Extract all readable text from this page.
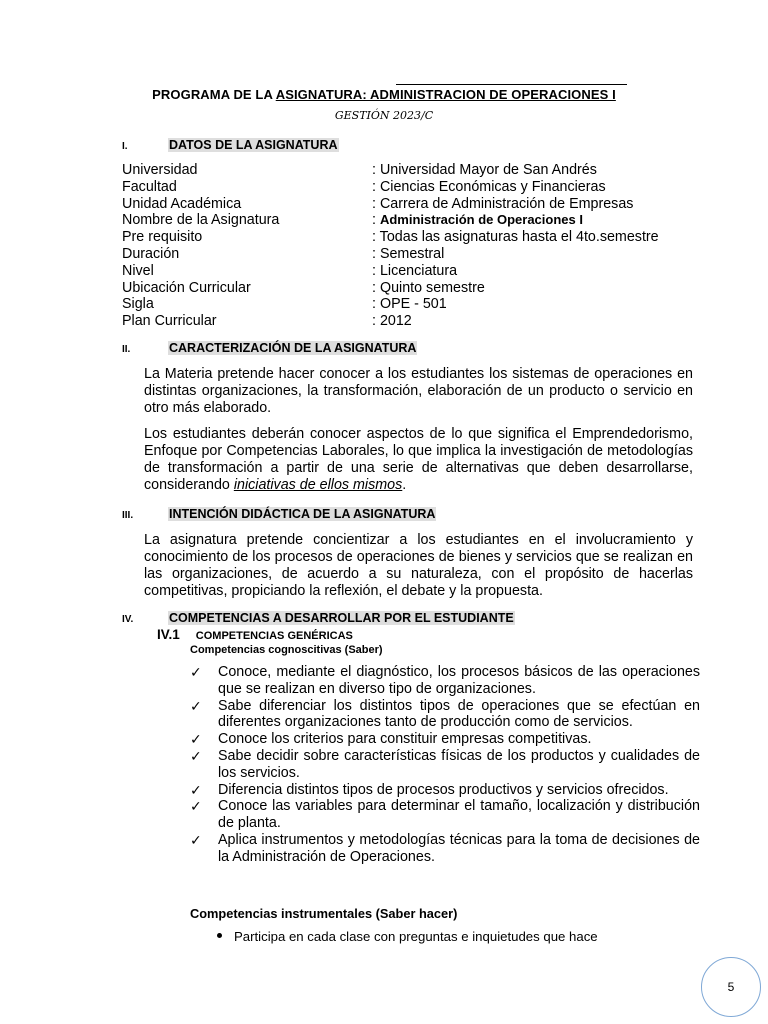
PROGRAMA DE LA ASIGNATURA: ADMINISTRACION DE OPERACIONES I
GESTIÓN 2023/C
I.	DATOS DE LA ASIGNATURA
Universidad	: Universidad Mayor de San Andrés
Facultad	: Ciencias Económicas y Financieras
Unidad Académica	: Carrera de Administración de Empresas
Nombre de la Asignatura	: Administración de Operaciones I
Pre requisito	: Todas las asignaturas hasta el 4to.semestre
Duración	: Semestral
Nivel	: Licenciatura
Ubicación Curricular	: Quinto semestre
Sigla	: OPE - 501
Plan Curricular	: 2012
II.	CARACTERIZACIÓN DE LA ASIGNATURA
La Materia pretende hacer conocer a los estudiantes los sistemas de operaciones en distintas organizaciones, la transformación, elaboración de un producto o servicio en otro más elaborado.
Los estudiantes deberán conocer aspectos de lo que significa el Emprendedorismo, Enfoque por Competencias Laborales, lo que implica la investigación de metodologías de transformación a partir de una serie de alternativas que deben desarrollarse, considerando iniciativas de ellos mismos.
III.	INTENCIÓN DIDÁCTICA DE LA ASIGNATURA
La asignatura pretende concientizar a los estudiantes en el involucramiento y conocimiento de los procesos de operaciones de bienes y servicios que se realizan en las organizaciones, de acuerdo a su naturaleza, con el propósito de hacerlas competitivas, propiciando la reflexión, el debate y la propuesta.
IV.	COMPETENCIAS A DESARROLLAR POR EL ESTUDIANTE
IV.1 COMPETENCIAS GENÉRICAS
Competencias cognoscitivas (Saber)
✓ Conoce, mediante el diagnóstico, los procesos básicos de las operaciones que se realizan en diverso tipo de organizaciones.
✓ Sabe diferenciar los distintos tipos de operaciones que se efectúan en diferentes organizaciones tanto de producción como de servicios.
✓ Conoce los criterios para constituir empresas competitivas.
✓ Sabe decidir sobre características físicas de los productos y cualidades de los servicios.
✓ Diferencia distintos tipos de procesos productivos y servicios ofrecidos.
✓ Conoce las variables para determinar el tamaño, localización y distribución de planta.
✓ Aplica instrumentos y metodologías técnicas para la toma de decisiones de la Administración de Operaciones.
Competencias instrumentales (Saber hacer)
Participa en cada clase con preguntas e inquietudes que hace
5
